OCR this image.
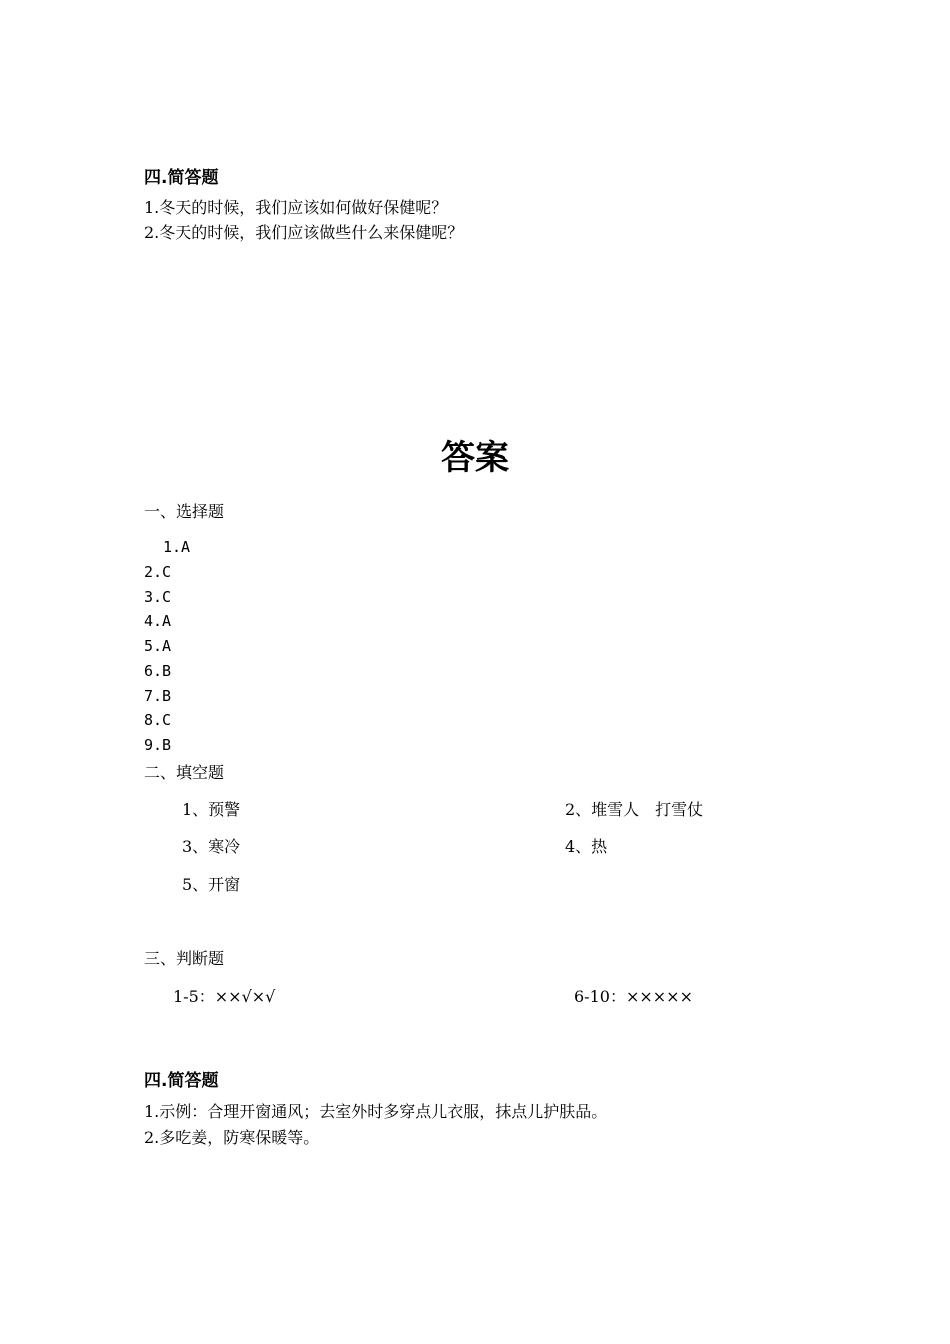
四.简答题
1.冬天的时候，我们应该如何做好保健呢？
2.冬天的时候，我们应该做些什么来保健呢？
答案
一、选择题
1.A
2.C
3.C
4.A
5.A
6.B
7.B
8.C
9.B
二、填空题
1、预警	2、堆雪人　打雪仗
3、寒冷	4、热
5、开窗
三、判断题
1-5：××√×√	6-10：×××××
四.简答题
1.示例：合理开窗通风；去室外时多穿点儿衣服，抹点儿护肤品。
2.多吃姜，防寒保暖等。
